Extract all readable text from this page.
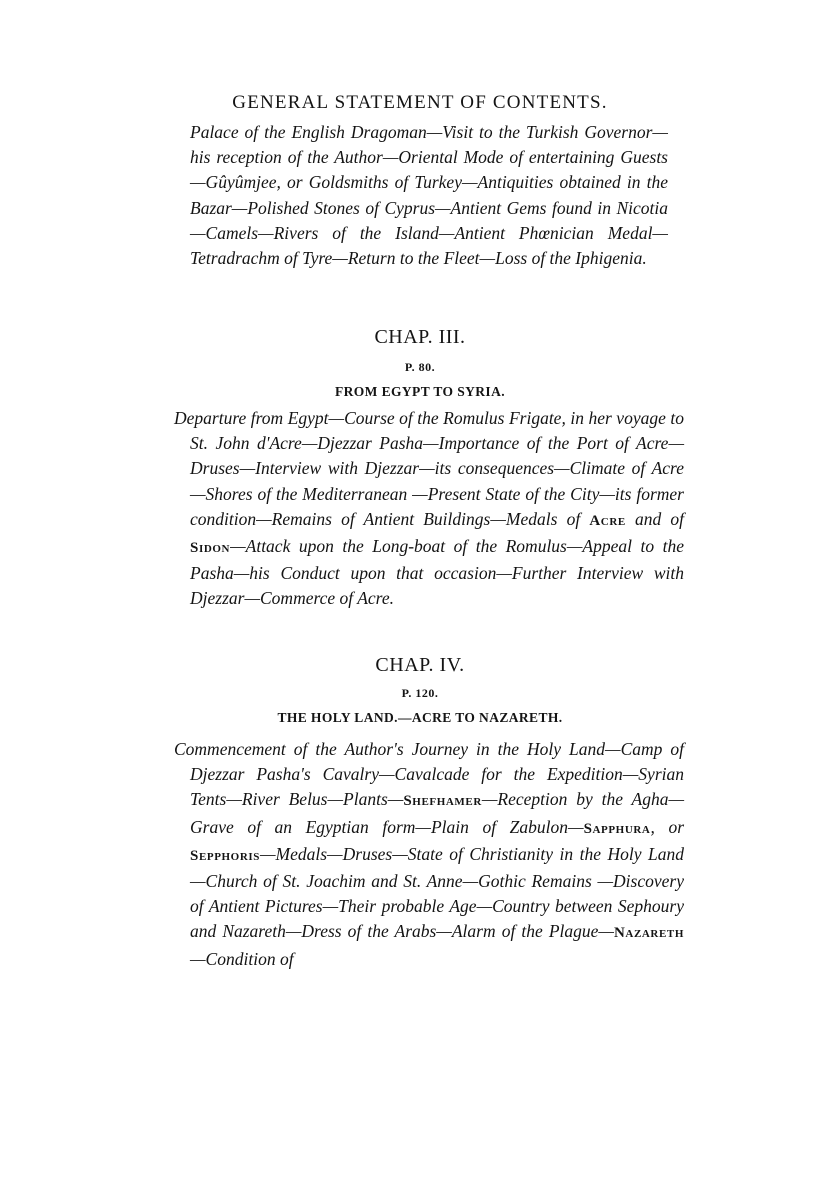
GENERAL STATEMENT OF CONTENTS.

Palace of the English Dragoman—Visit to the Turkish Governor—his reception of the Author—Oriental Mode of entertaining Guests—Gûyûmjee, or Goldsmiths of Turkey—Antiquities obtained in the Bazar—Polished Stones of Cyprus—Antient Gems found in Nicotia—Camels—Rivers of the Island—Antient Phœnician Medal—Tetradrachm of Tyre—Return to the Fleet—Loss of the Iphigenia.

CHAP. III.
P. 80.
FROM EGYPT TO SYRIA.

Departure from Egypt—Course of the Romulus Frigate, in her voyage to St. John d'Acre—Djezzar Pasha—Importance of the Port of Acre—Druses—Interview with Djezzar—its consequences—Climate of Acre—Shores of the Mediterranean —Present State of the City—its former condition—Remains of Antient Buildings—Medals of Acre and of Sidon—Attack upon the Long-boat of the Romulus—Appeal to the Pasha—his Conduct upon that occasion—Further Interview with Djezzar—Commerce of Acre.

CHAP. IV.
P. 120.
THE HOLY LAND.—ACRE TO NAZARETH.

Commencement of the Author's Journey in the Holy Land—Camp of Djezzar Pasha's Cavalry—Cavalcade for the Expedition—Syrian Tents—River Belus—Plants—Shefhamer—Reception by the Agha—Grave of an Egyptian form—Plain of Zabulon—Sapphura, or Sepphoris—Medals—Druses—State of Christianity in the Holy Land —Church of St. Joachim and St. Anne—Gothic Remains —Discovery of Antient Pictures—Their probable Age—Country between Sephoury and Nazareth—Dress of the Arabs—Alarm of the Plague—Nazareth—Condition of
